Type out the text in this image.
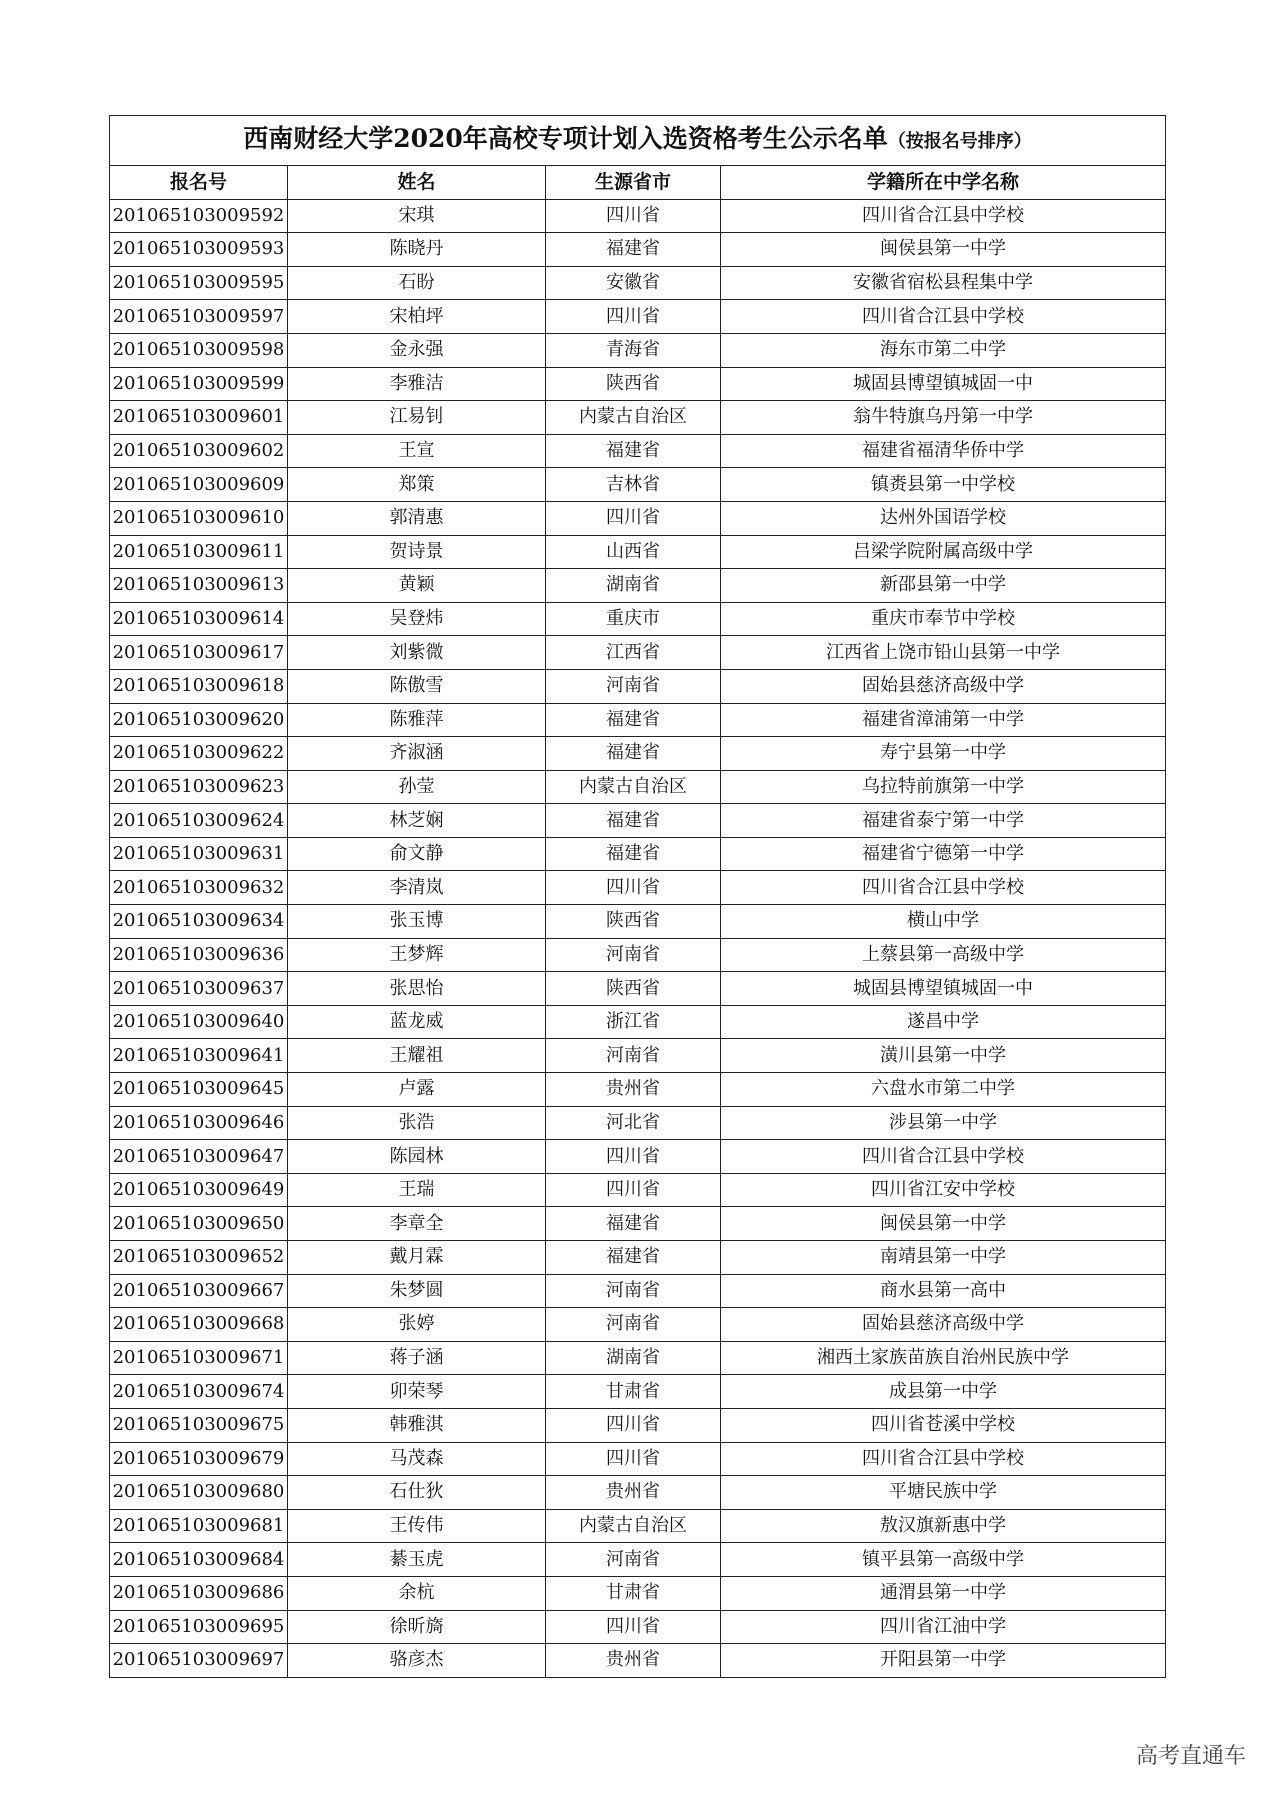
西南财经大学2020年高校专项计划入选资格考生公示名单（按报名号排序）			
报名号	姓名	生源省市	学籍所在中学名称
201065103009592	宋琪	四川省	四川省合江县中学校
201065103009593	陈晓丹	福建省	闽侯县第一中学
201065103009595	石盼	安徽省	安徽省宿松县程集中学
201065103009597	宋柏坪	四川省	四川省合江县中学校
201065103009598	金永强	青海省	海东市第二中学
201065103009599	李雅洁	陕西省	城固县博望镇城固一中
201065103009601	江易钊	内蒙古自治区	翁牛特旗乌丹第一中学
201065103009602	王宣	福建省	福建省福清华侨中学
201065103009609	郑策	吉林省	镇赉县第一中学校
201065103009610	郭清惠	四川省	达州外国语学校
201065103009611	贺诗景	山西省	吕梁学院附属高级中学
201065103009613	黄颖	湖南省	新邵县第一中学
201065103009614	吴登炜	重庆市	重庆市奉节中学校
201065103009617	刘紫微	江西省	江西省上饶市铅山县第一中学
201065103009618	陈傲雪	河南省	固始县慈济高级中学
201065103009620	陈雅萍	福建省	福建省漳浦第一中学
201065103009622	齐淑涵	福建省	寿宁县第一中学
201065103009623	孙莹	内蒙古自治区	乌拉特前旗第一中学
201065103009624	林芝娴	福建省	福建省泰宁第一中学
201065103009631	俞文静	福建省	福建省宁德第一中学
201065103009632	李清岚	四川省	四川省合江县中学校
201065103009634	张玉博	陕西省	横山中学
201065103009636	王梦辉	河南省	上蔡县第一高级中学
201065103009637	张思怡	陕西省	城固县博望镇城固一中
201065103009640	蓝龙威	浙江省	遂昌中学
201065103009641	王耀祖	河南省	潢川县第一中学
201065103009645	卢露	贵州省	六盘水市第二中学
201065103009646	张浩	河北省	涉县第一中学
201065103009647	陈园林	四川省	四川省合江县中学校
201065103009649	王瑞	四川省	四川省江安中学校
201065103009650	李章全	福建省	闽侯县第一中学
201065103009652	戴月霖	福建省	南靖县第一中学
201065103009667	朱梦圆	河南省	商水县第一高中
201065103009668	张婷	河南省	固始县慈济高级中学
201065103009671	蒋子涵	湖南省	湘西土家族苗族自治州民族中学
201065103009674	卯荣琴	甘肃省	成县第一中学
201065103009675	韩雅淇	四川省	四川省苍溪中学校
201065103009679	马茂森	四川省	四川省合江县中学校
201065103009680	石仕狄	贵州省	平塘民族中学
201065103009681	王传伟	内蒙古自治区	敖汉旗新惠中学
201065103009684	綦玉虎	河南省	镇平县第一高级中学
201065103009686	余杭	甘肃省	通渭县第一中学
201065103009695	徐昕旖	四川省	四川省江油中学
201065103009697	骆彦杰	贵州省	开阳县第一中学
高考直通车
